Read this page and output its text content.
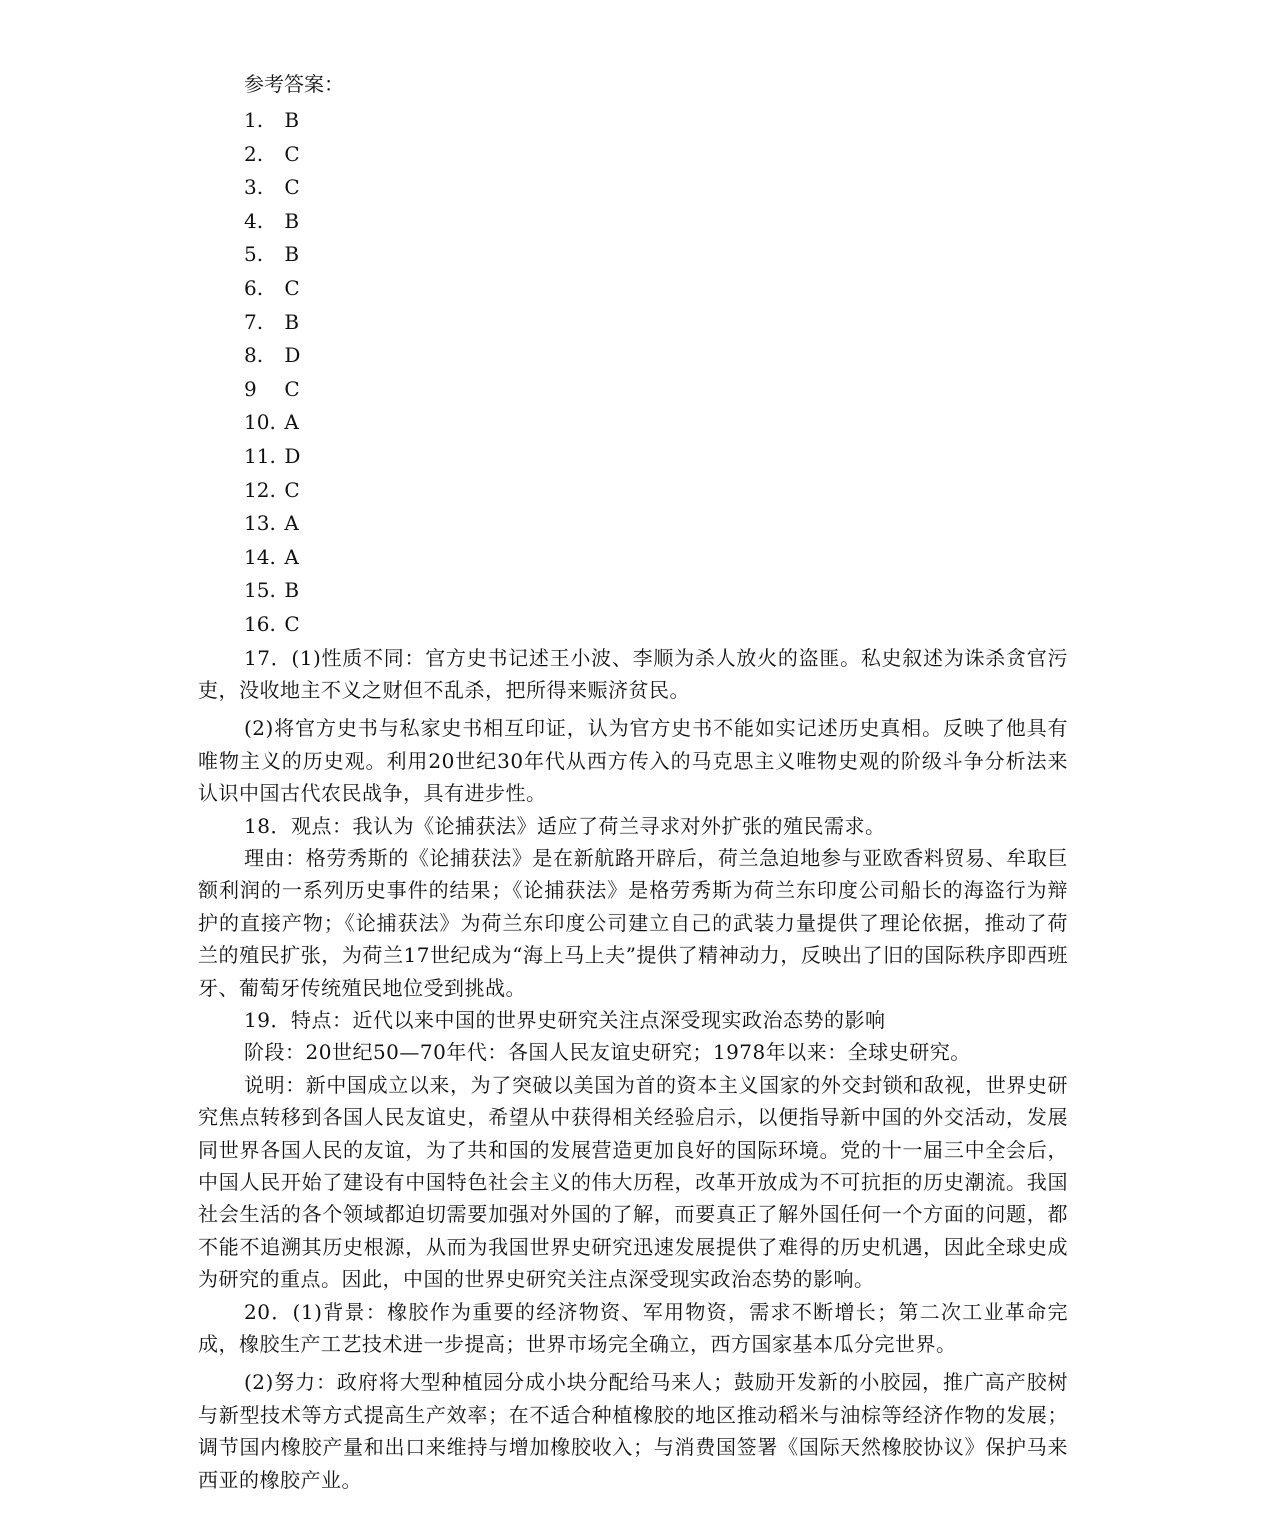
参考答案：
1. B
2. C
3. C
4. B
5. B
6. C
7. B
8. D
9 C
10. A
11. D
12. C
13. A
14. A
15. B
16. C

17．(1)性质不同：官方史书记述王小波、李顺为杀人放火的盗匪。私史叙述为诛杀贪官污吏，没收地主不义之财但不乱杀，把所得来赈济贫民。

(2)将官方史书与私家史书相互印证，认为官方史书不能如实记述历史真相。反映了他具有唯物主义的历史观。利用20世纪30年代从西方传入的马克思主义唯物史观的阶级斗争分析法来认识中国古代农民战争，具有进步性。

18．观点：我认为《论捕获法》适应了荷兰寻求对外扩张的殖民需求。

理由：格劳秀斯的《论捕获法》是在新航路开辟后，荷兰急迫地参与亚欧香料贸易、牟取巨额利润的一系列历史事件的结果；《论捕获法》是格劳秀斯为荷兰东印度公司船长的海盗行为辩护的直接产物；《论捕获法》为荷兰东印度公司建立自己的武装力量提供了理论依据，推动了荷兰的殖民扩张，为荷兰17世纪成为“海上马上夫”提供了精神动力，反映出了旧的国际秩序即西班牙、葡萄牙传统殖民地位受到挑战。

19．特点：近代以来中国的世界史研究关注点深受现实政治态势的影响

阶段：20世纪50—70年代：各国人民友谊史研究；1978年以来：全球史研究。

说明：新中国成立以来，为了突破以美国为首的资本主义国家的外交封锁和敌视，世界史研究焦点转移到各国人民友谊史，希望从中获得相关经验启示，以便指导新中国的外交活动，发展同世界各国人民的友谊，为了共和国的发展营造更加良好的国际环境。党的十一届三中全会后，中国人民开始了建设有中国特色社会主义的伟大历程，改革开放成为不可抗拒的历史潮流。我国社会生活的各个领域都迫切需要加强对外国的了解，而要真正了解外国任何一个方面的问题，都不能不追溯其历史根源，从而为我国世界史研究迅速发展提供了难得的历史机遇，因此全球史成为研究的重点。因此，中国的世界史研究关注点深受现实政治态势的影响。

20．(1)背景：橡胶作为重要的经济物资、军用物资，需求不断增长；第二次工业革命完成，橡胶生产工艺技术进一步提高；世界市场完全确立，西方国家基本瓜分完世界。

(2)努力：政府将大型种植园分成小块分配给马来人；鼓励开发新的小胶园，推广高产胶树与新型技术等方式提高生产效率；在不适合种植橡胶的地区推动稻米与油棕等经济作物的发展；调节国内橡胶产量和出口来维持与增加橡胶收入；与消费国签署《国际天然橡胶协议》保护马来西亚的橡胶产业。
